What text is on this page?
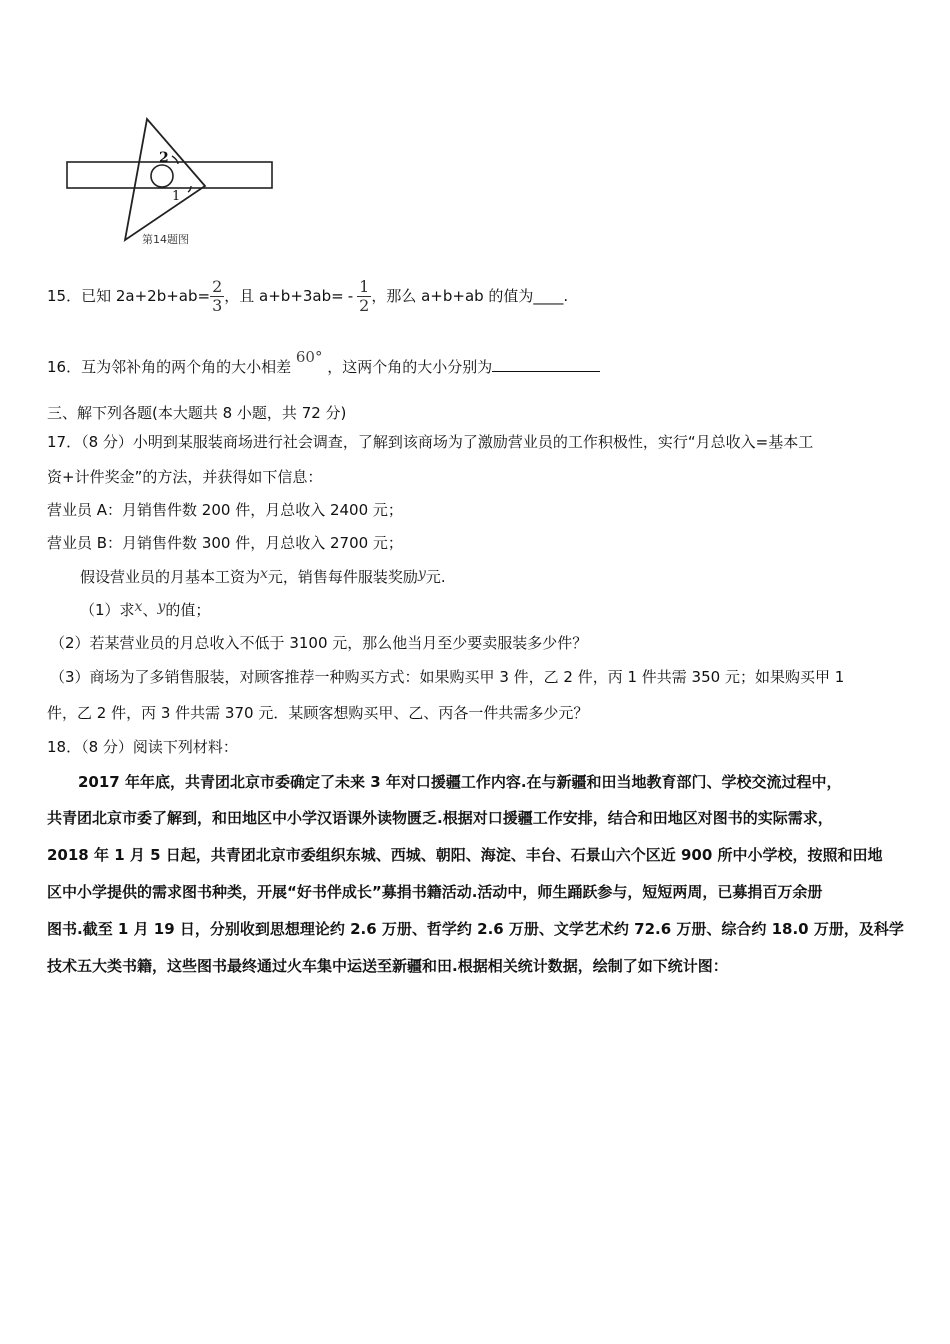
2
1
第14题图
15．已知 $2a+2b+ab= \frac{2}{3}$ ，且 $a+b+3ab= - \frac{1}{2}$ ，那么 a+b+ab 的值为____.
16．互为邻补角的两个角的大小相差 60° ，这两个角的大小分别为
三、解下列各题(本大题共 8 小题，共 72 分)
17．（8 分）小明到某服装商场进行社会调查，了解到该商场为了激励营业员的工作积极性，实行“月总收入=基本工
资+计件奖金”的方法，并获得如下信息：
营业员 A：月销售件数 200 件，月总收入 2400 元；
营业员 B：月销售件数 300 件，月总收入 2700 元；
假设营业员的月基本工资为x元，销售每件服装奖励y元.
（1）求x、y的值；
（2）若某营业员的月总收入不低于 3100 元，那么他当月至少要卖服装多少件？
（3）商场为了多销售服装，对顾客推荐一种购买方式：如果购买甲 3 件，乙 2 件，丙 1 件共需 350 元；如果购买甲 1
件，乙 2 件，丙 3 件共需 370 元．某顾客想购买甲、乙、丙各一件共需多少元？
18．（8 分）阅读下列材料：
2017 年年底，共青团北京市委确定了未来 3 年对口援疆工作内容.在与新疆和田当地教育部门、学校交流过程中，
共青团北京市委了解到，和田地区中小学汉语课外读物匮乏.根据对口援疆工作安排，结合和田地区对图书的实际需求，
2018 年 1 月 5 日起，共青团北京市委组织东城、西城、朝阳、海淀、丰台、石景山六个区近 900 所中小学校，按照和田地
区中小学提供的需求图书种类，开展“好书伴成长”募捐书籍活动.活动中，师生踊跃参与，短短两周，已募捐百万余册
图书.截至 1 月 19 日，分别收到思想理论约 2.6 万册、哲学约 2.6 万册、文学艺术约 72.6 万册、综合约 18.0 万册，及科学
技术五大类书籍，这些图书最终通过火车集中运送至新疆和田.根据相关统计数据，绘制了如下统计图：
